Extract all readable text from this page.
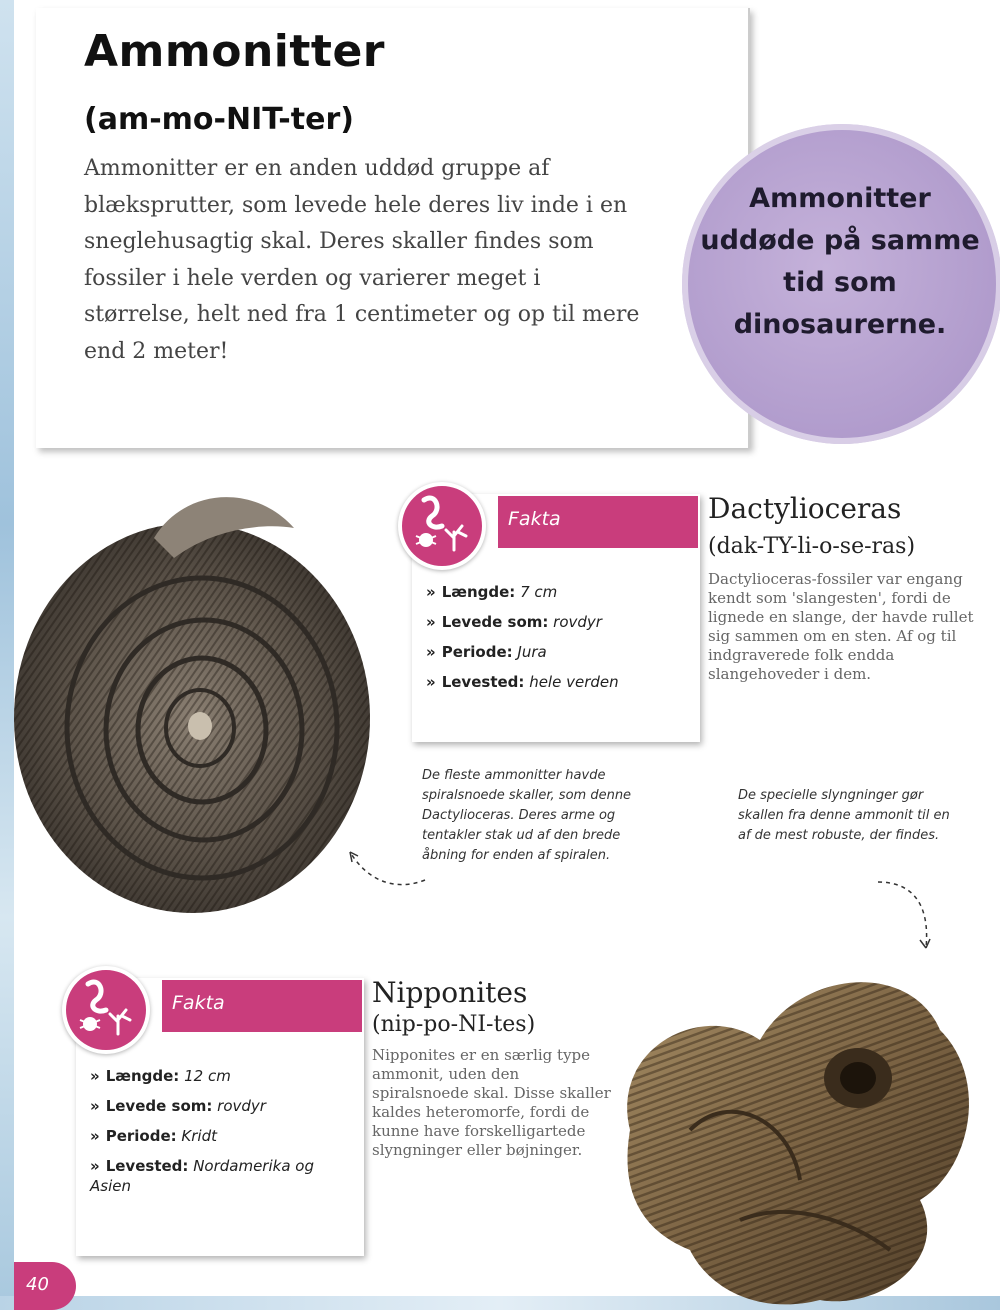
Ammonitter

(am-mo-NIT-ter)

Ammonitter er en anden uddød gruppe af blæksprutter, som levede hele deres liv inde i en sneglehusagtig skal. Deres skaller findes som fossiler i hele verden og varierer meget i størrelse, helt ned fra 1 centimeter og op til mere end 2 meter!

Ammonitter uddøde på samme tid som dinosaurerne.
Fakta
» Længde: 7 cm
» Levede som: rovdyr
» Periode: Jura
» Levested: hele verden
Dactylioceras

(dak-TY-li-o-se-ras)

Dactylioceras-fossiler var engang kendt som 'slangesten', fordi de lignede en slange, der havde rullet sig sammen om en sten. Af og til indgraverede folk endda slangehoveder i dem.

De fleste ammonitter havde spiralsnoede skaller, som denne Dactylioceras. Deres arme og tentakler stak ud af den brede åbning for enden af spiralen.

De specielle slyngninger gør skallen fra denne ammonit til en af de mest robuste, der findes.

Fakta
» Længde: 12 cm
» Levede som: rovdyr
» Periode: Kridt
» Levested: Nordamerika og Asien
Nipponites

(nip-po-NI-tes)

Nipponites er en særlig type ammonit, uden den spiralsnoede skal. Disse skaller kaldes heteromorfe, fordi de kunne have forskelligartede slyngninger eller bøjninger.

40
